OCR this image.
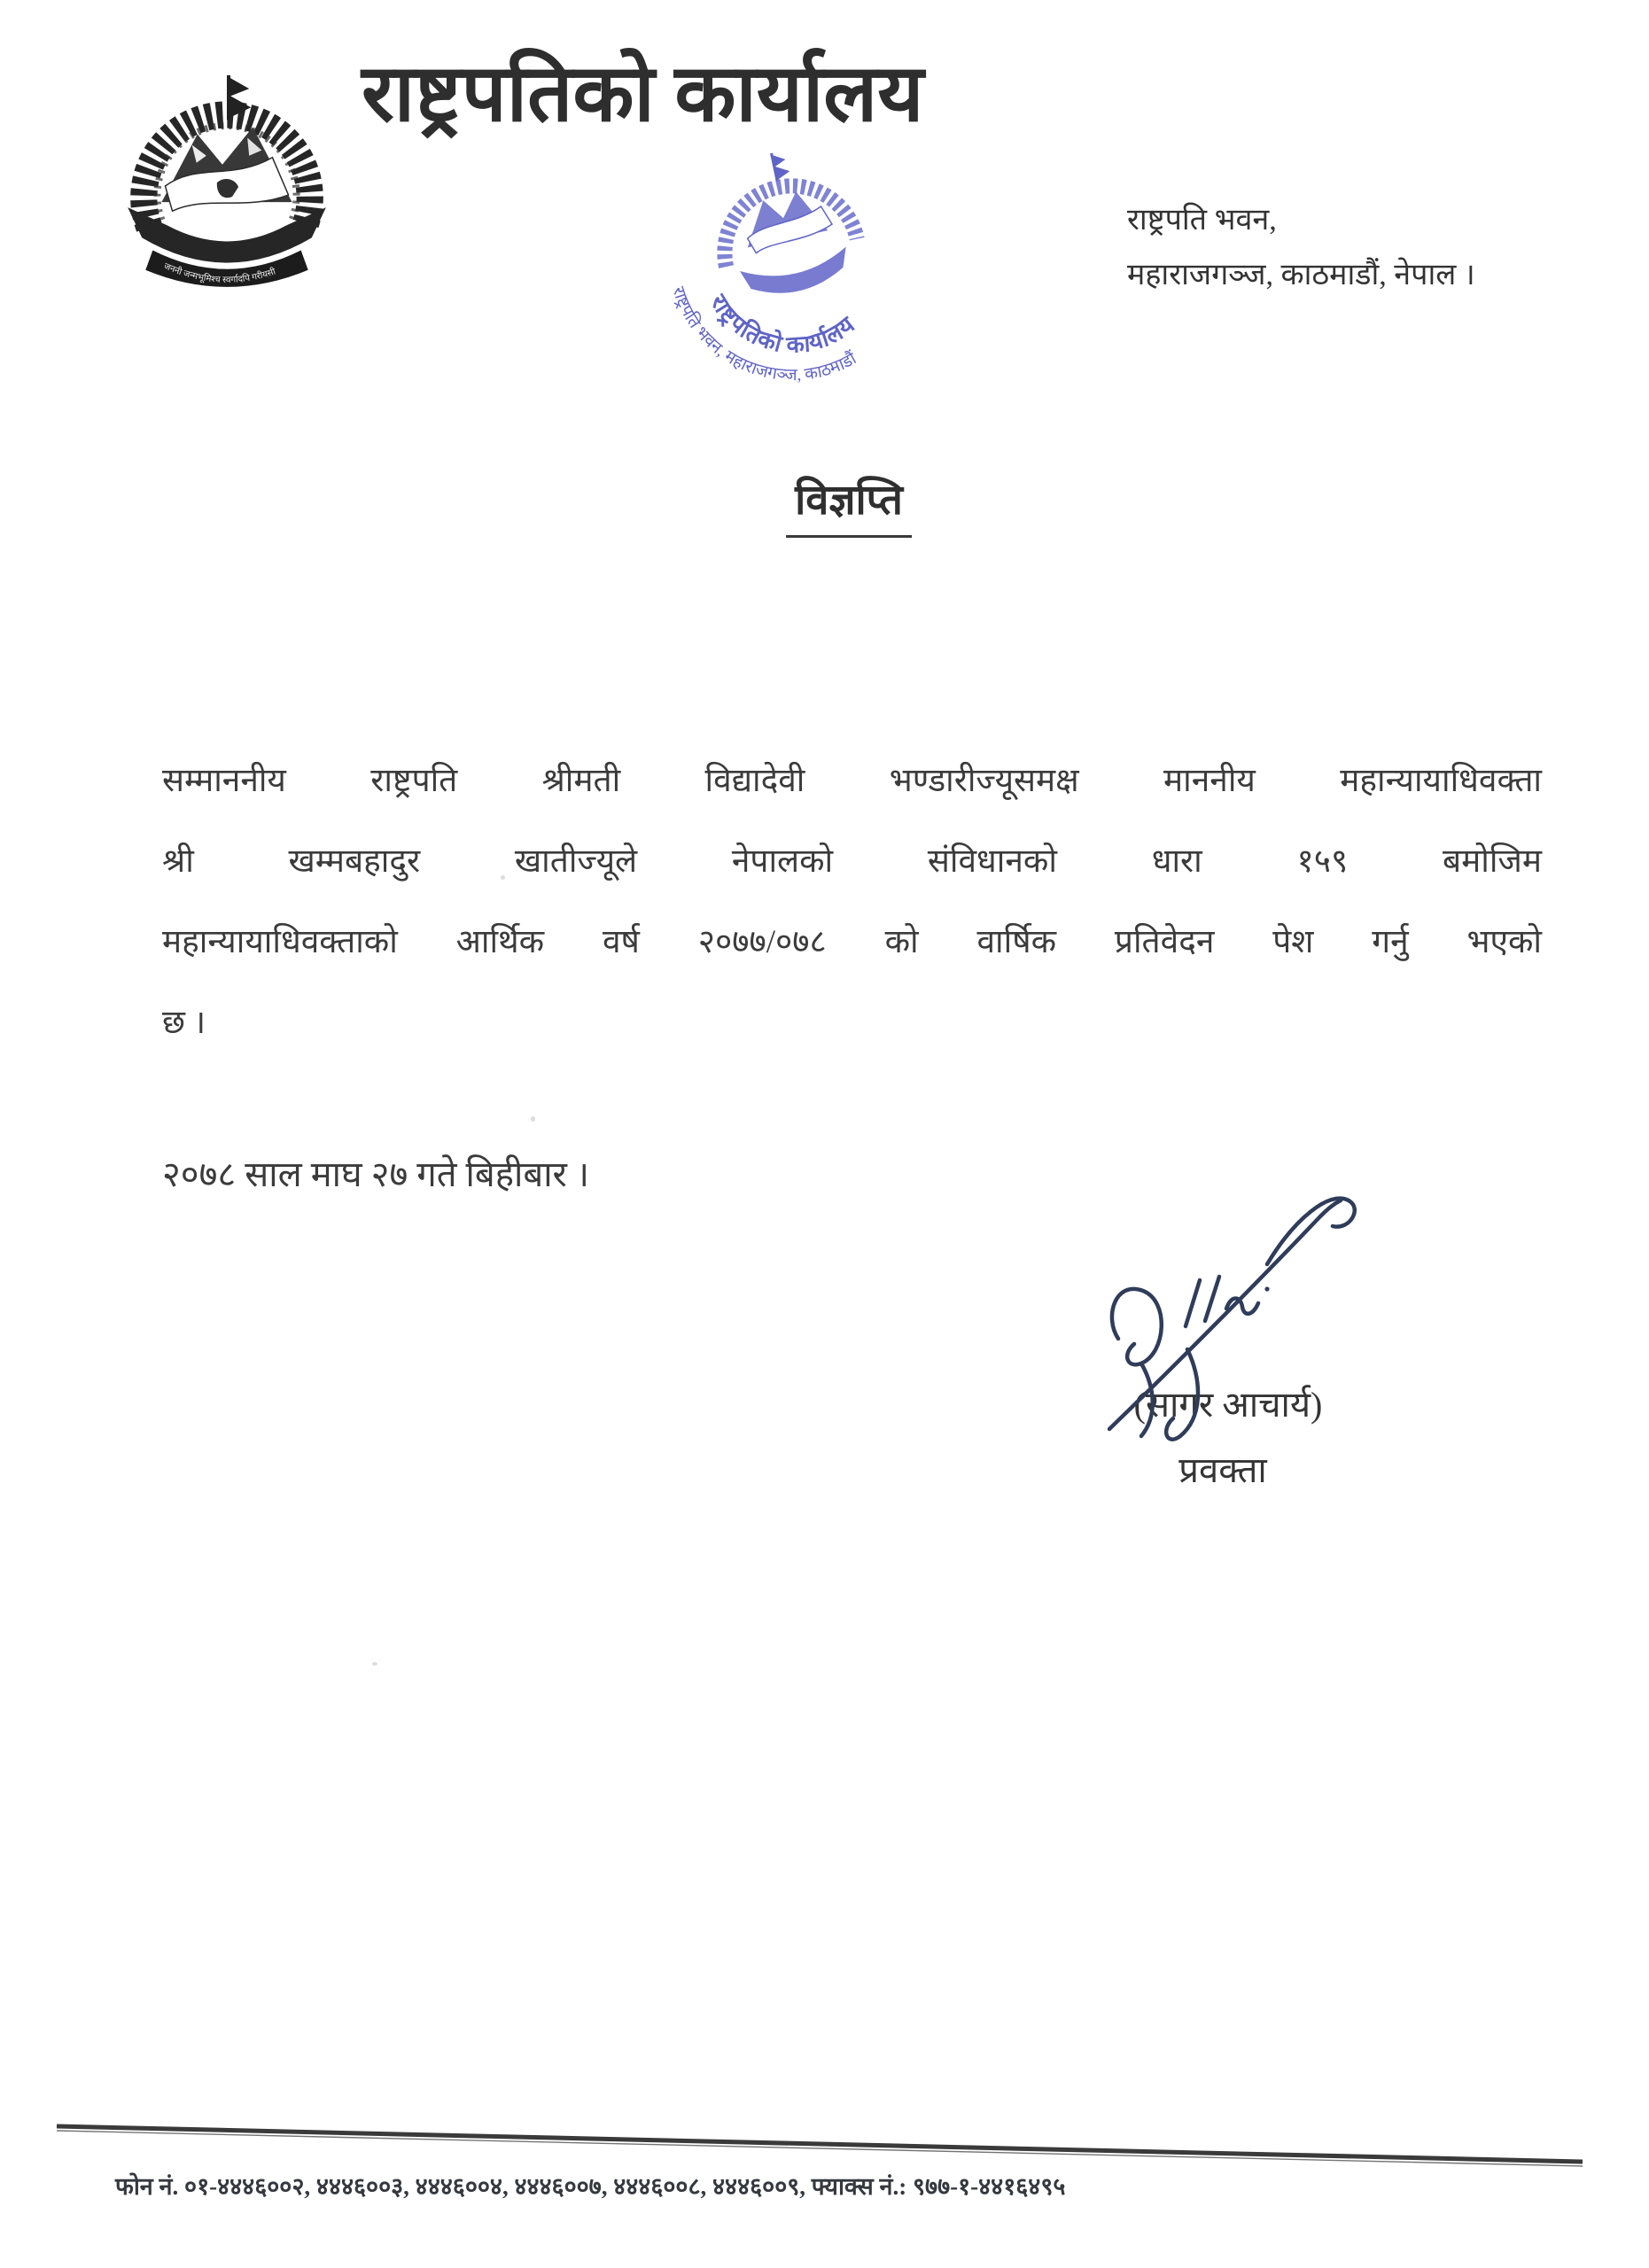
जननी जन्मभूमिश्च स्वर्गादपि गरीयसी
राष्ट्रपतिको कार्यालय
राष्ट्रपतिको कार्यालय
राष्ट्रपति भवन, महाराजगञ्ज, काठमाडौं
राष्ट्रपति भवन,
महाराजगञ्ज, काठमाडौं, नेपाल ।
विज्ञप्ति
सम्माननीय राष्ट्रपति श्रीमती विद्यादेवी भण्डारीज्यूसमक्ष माननीय महान्यायाधिवक्ता
श्री खम्मबहादुर खातीज्यूले नेपालको संविधानको धारा १५९ बमोजिम
महान्यायाधिवक्ताको आर्थिक वर्ष २०७७/०७८ को वार्षिक प्रतिवेदन पेश गर्नु भएको
छ ।
२०७८ साल माघ २७ गते बिहीबार ।
(सागर आचार्य)
प्रवक्ता
फोन नं. ०१-४४४६००२, ४४४६००३, ४४४६००४, ४४४६००७, ४४४६००८, ४४४६००९, फ्याक्स नं.: ९७७-१-४४१६४९५
